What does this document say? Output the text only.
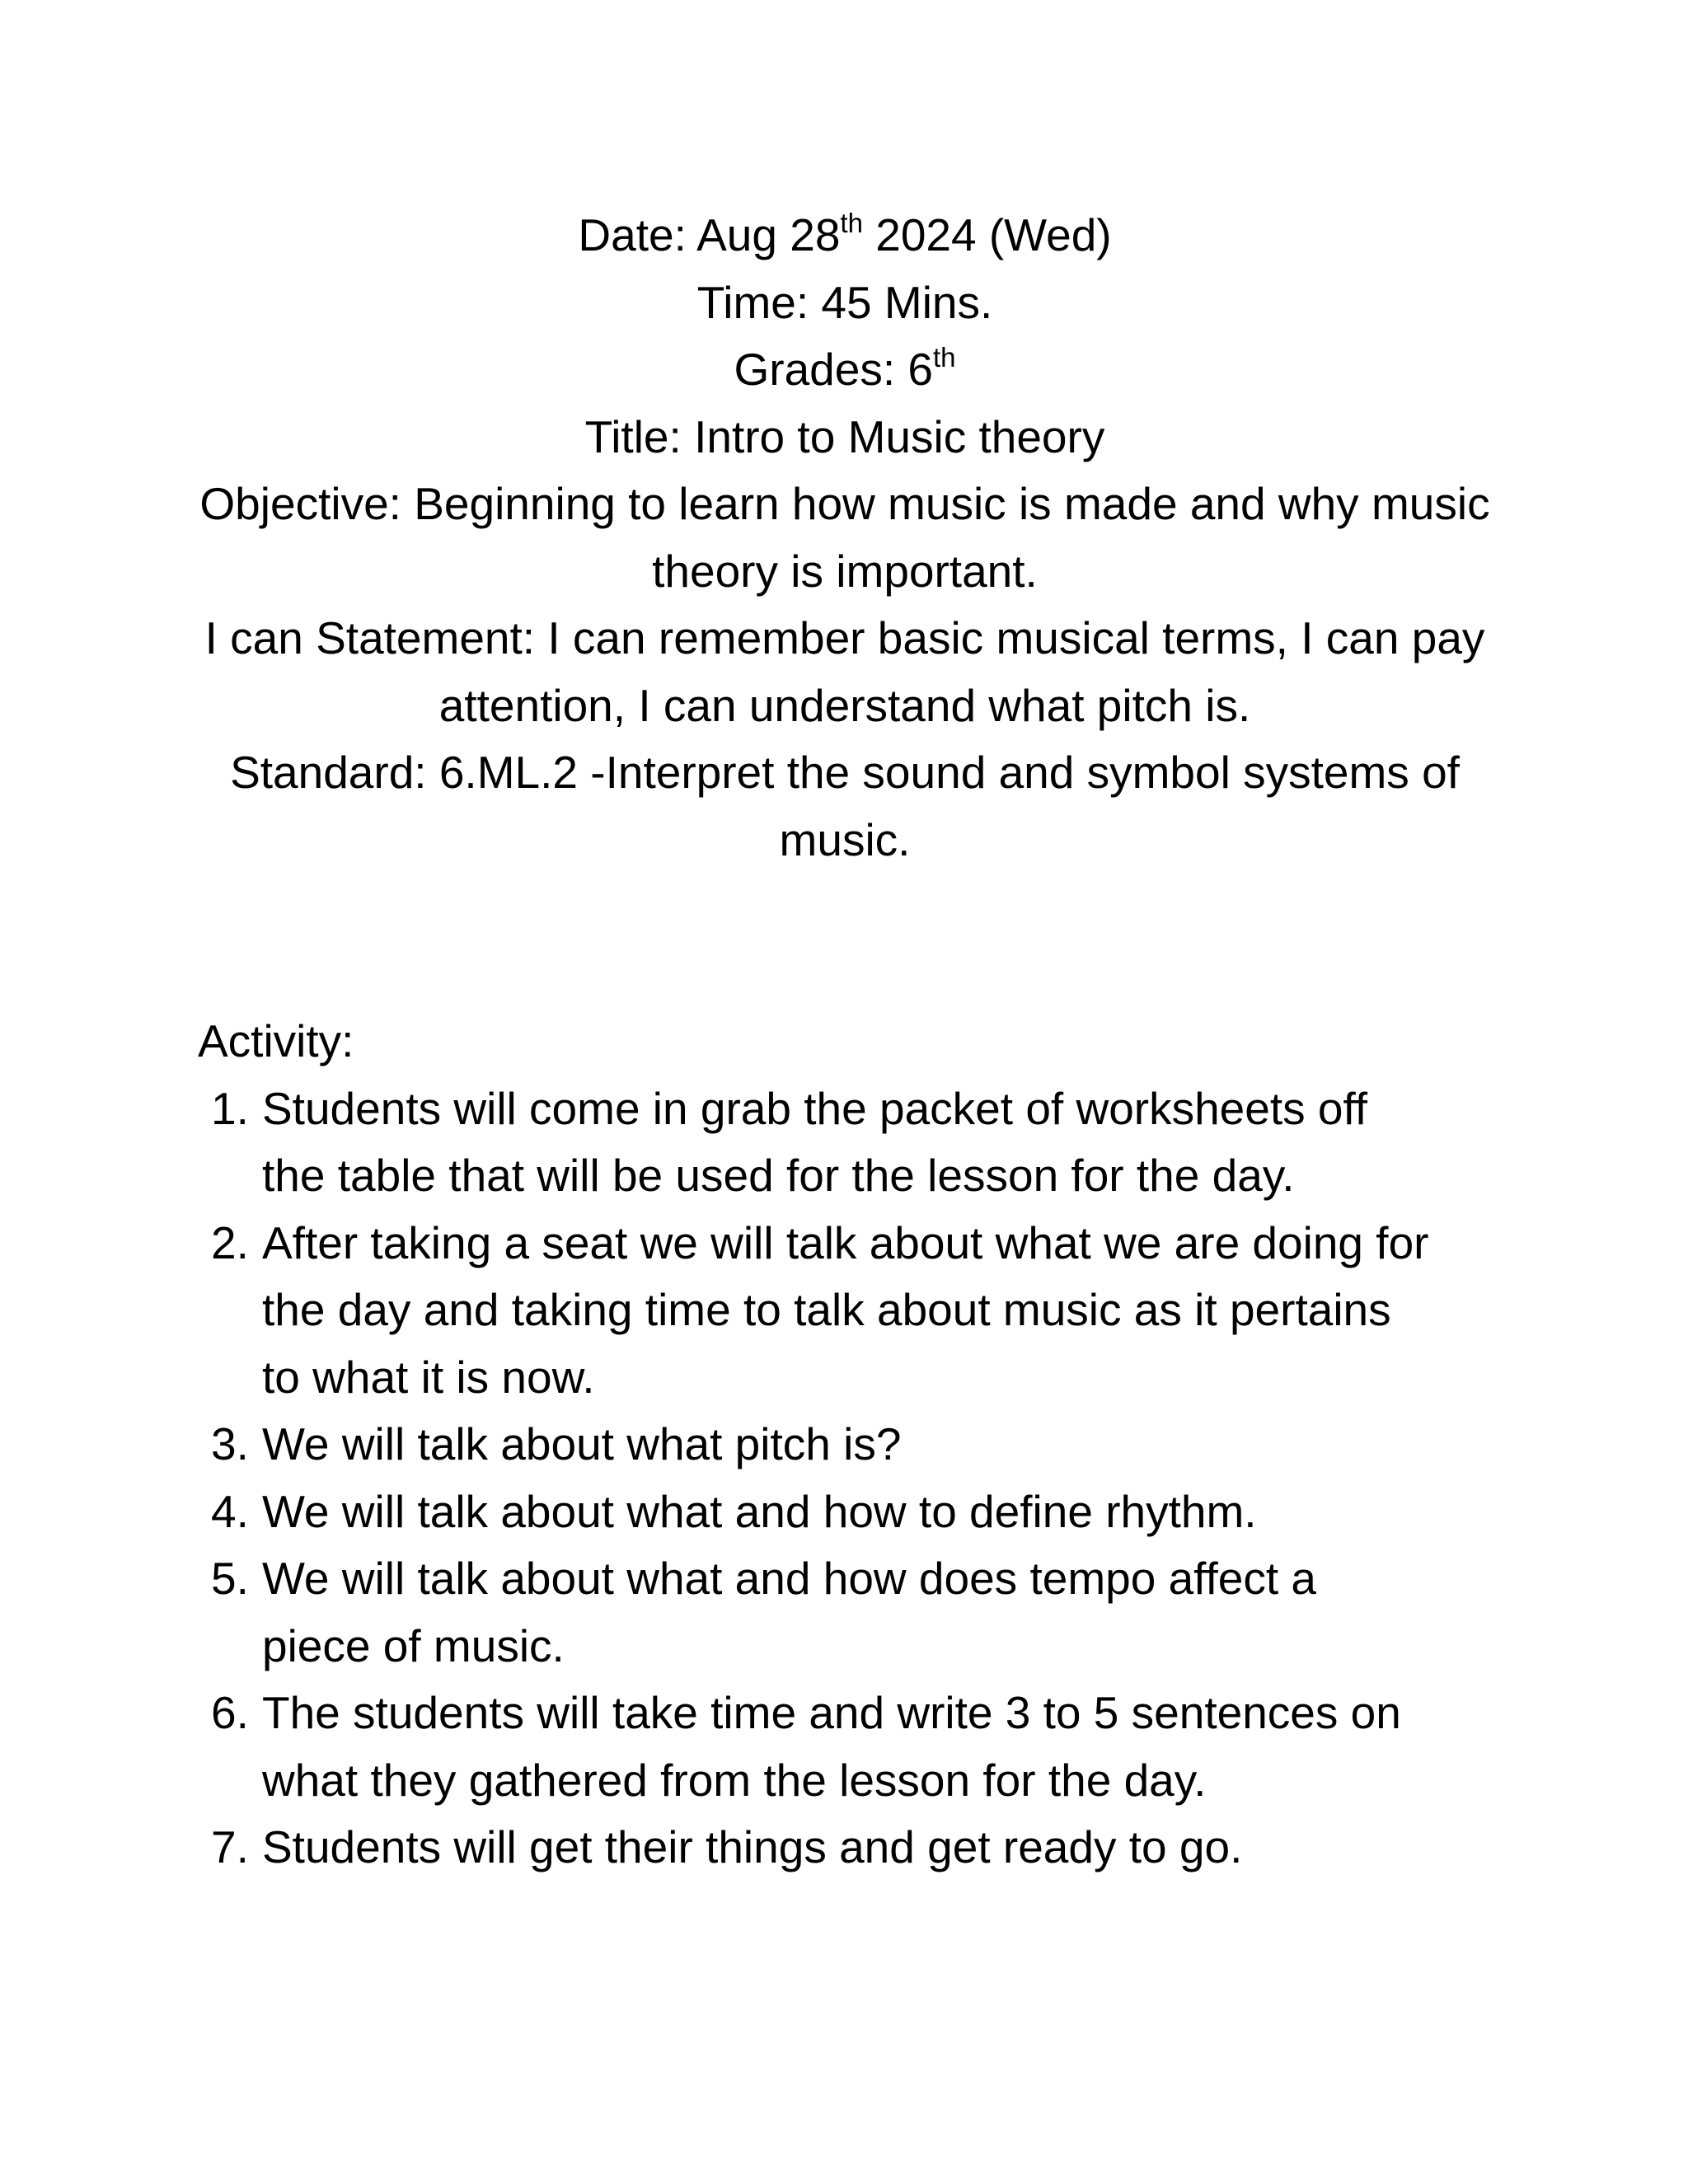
Date: Aug 28th 2024 (Wed)

Time: 45 Mins.

Grades: 6th

Title: Intro to Music theory

Objective: Beginning to learn how music is made and why music theory is important.

I can Statement: I can remember basic musical terms, I can pay attention, I can understand what pitch is.

Standard: 6.ML.2 -Interpret the sound and symbol systems of music.

Activity:

1. Students will come in grab the packet of worksheets off the table that will be used for the lesson for the day.
2. After taking a seat we will talk about what we are doing for the day and taking time to talk about music as it pertains to what it is now.
3. We will talk about what pitch is?
4. We will talk about what and how to define rhythm.
5. We will talk about what and how does tempo affect a piece of music.
6. The students will take time and write 3 to 5 sentences on what they gathered from the lesson for the day.
7. Students will get their things and get ready to go.
